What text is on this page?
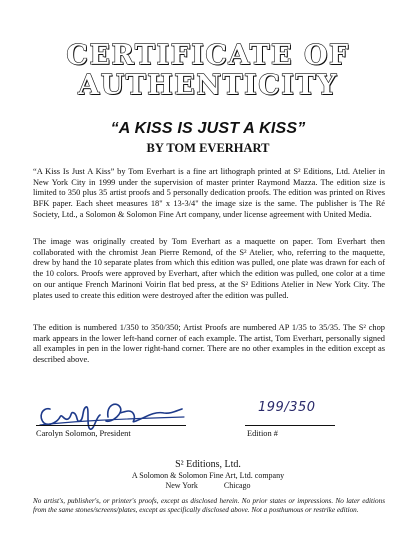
CERTIFICATE OF
AUTHENTICITY
“A KISS IS JUST A KISS”
BY TOM EVERHART

“A Kiss Is Just A Kiss” by Tom Everhart is a fine art lithograph printed at S² Editions, Ltd. Atelier in New York City in 1999 under the supervision of master printer Raymond Mazza. The edition size is limited to 350 plus 35 artist proofs and 5 personally dedication proofs. The edition was printed on Rives BFK paper. Each sheet measures 18" x 13-3/4" the image size is the same. The publisher is The Ré Society, Ltd., a Solomon & Solomon Fine Art company, under license agreement with United Media.

The image was originally created by Tom Everhart as a maquette on paper. Tom Everhart then collaborated with the chromist Jean Pierre Remond, of the S² Atelier, who, referring to the maquette, drew by hand the 10 separate plates from which this edition was pulled, one plate was drawn for each of the 10 colors. Proofs were approved by Everhart, after which the edition was pulled, one color at a time on our antique French Marinoni Voirin flat bed press, at the S² Editions Atelier in New York City. The plates used to create this edition were destroyed after the edition was pulled.

The edition is numbered 1/350 to 350/350; Artist Proofs are numbered AP 1/35 to 35/35. The S² chop mark appears in the lower left-hand corner of each example. The artist, Tom Everhart, personally signed all examples in pen in the lower right-hand corner. There are no other examples in the edition except as described above.

Carolyn Solomon, President
199/350
Edition #
S² Editions, Ltd.
A Solomon & Solomon Fine Art, Ltd. company
New York	Chicago

No artist's, publisher's, or printer's proofs, except as disclosed herein. No prior states or impressions. No later editions from the same stones/screens/plates, except as specifically disclosed above. Not a posthumous or restrike edition.
